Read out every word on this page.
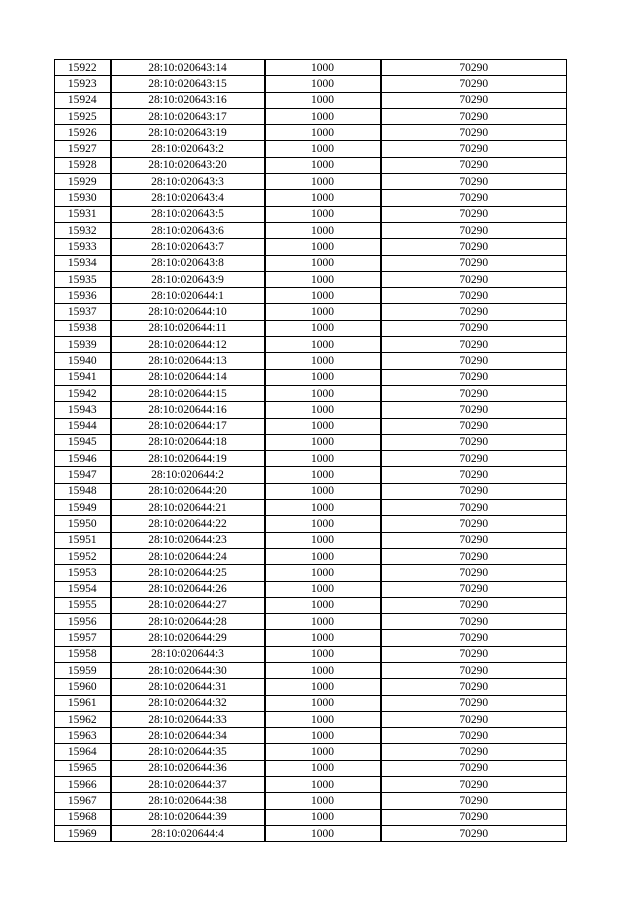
15922	28:10:020643:14	1000	70290
15923	28:10:020643:15	1000	70290
15924	28:10:020643:16	1000	70290
15925	28:10:020643:17	1000	70290
15926	28:10:020643:19	1000	70290
15927	28:10:020643:2	1000	70290
15928	28:10:020643:20	1000	70290
15929	28:10:020643:3	1000	70290
15930	28:10:020643:4	1000	70290
15931	28:10:020643:5	1000	70290
15932	28:10:020643:6	1000	70290
15933	28:10:020643:7	1000	70290
15934	28:10:020643:8	1000	70290
15935	28:10:020643:9	1000	70290
15936	28:10:020644:1	1000	70290
15937	28:10:020644:10	1000	70290
15938	28:10:020644:11	1000	70290
15939	28:10:020644:12	1000	70290
15940	28:10:020644:13	1000	70290
15941	28:10:020644:14	1000	70290
15942	28:10:020644:15	1000	70290
15943	28:10:020644:16	1000	70290
15944	28:10:020644:17	1000	70290
15945	28:10:020644:18	1000	70290
15946	28:10:020644:19	1000	70290
15947	28:10:020644:2	1000	70290
15948	28:10:020644:20	1000	70290
15949	28:10:020644:21	1000	70290
15950	28:10:020644:22	1000	70290
15951	28:10:020644:23	1000	70290
15952	28:10:020644:24	1000	70290
15953	28:10:020644:25	1000	70290
15954	28:10:020644:26	1000	70290
15955	28:10:020644:27	1000	70290
15956	28:10:020644:28	1000	70290
15957	28:10:020644:29	1000	70290
15958	28:10:020644:3	1000	70290
15959	28:10:020644:30	1000	70290
15960	28:10:020644:31	1000	70290
15961	28:10:020644:32	1000	70290
15962	28:10:020644:33	1000	70290
15963	28:10:020644:34	1000	70290
15964	28:10:020644:35	1000	70290
15965	28:10:020644:36	1000	70290
15966	28:10:020644:37	1000	70290
15967	28:10:020644:38	1000	70290
15968	28:10:020644:39	1000	70290
15969	28:10:020644:4	1000	70290
